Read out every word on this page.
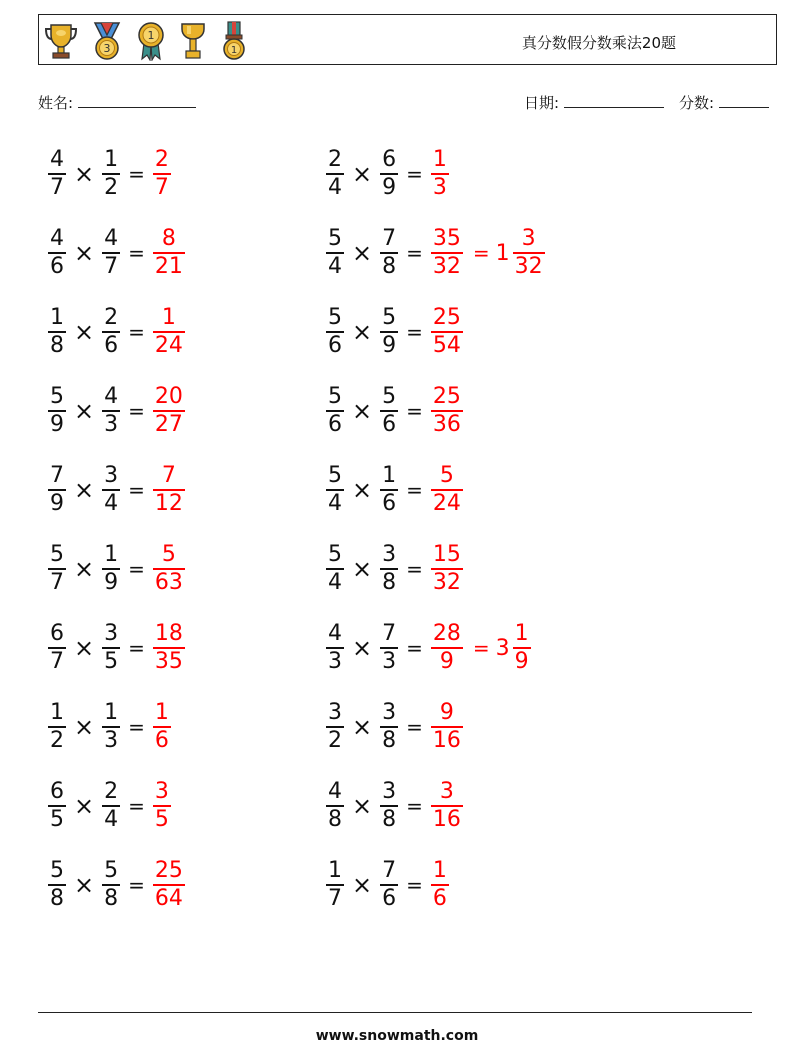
3
1
1	真分数假分数乘法20题
姓名:	日期:	分数:
$\frac{4}{7} \times \frac{1}{2} = \frac{2}{7}$
$\frac{4}{6} \times \frac{4}{7} = \frac{8}{21}$
$\frac{1}{8} \times \frac{2}{6} = \frac{1}{24}$
$\frac{5}{9} \times \frac{4}{3} = \frac{20}{27}$
$\frac{7}{9} \times \frac{3}{4} = \frac{7}{12}$
$\frac{5}{7} \times \frac{1}{9} = \frac{5}{63}$
$\frac{6}{7} \times \frac{3}{5} = \frac{18}{35}$
$\frac{1}{2} \times \frac{1}{3} = \frac{1}{6}$
$\frac{6}{5} \times \frac{2}{4} = \frac{3}{5}$
$\frac{5}{8} \times \frac{5}{8} = \frac{25}{64}$
$\frac{2}{4} \times \frac{6}{9} = \frac{1}{3}$
$\frac{5}{4} \times \frac{7}{8} = \frac{35}{32} = 1 \frac{3}{32}$
$\frac{5}{6} \times \frac{5}{9} = \frac{25}{54}$
$\frac{5}{6} \times \frac{5}{6} = \frac{25}{36}$
$\frac{5}{4} \times \frac{1}{6} = \frac{5}{24}$
$\frac{5}{4} \times \frac{3}{8} = \frac{15}{32}$
$\frac{4}{3} \times \frac{7}{3} = \frac{28}{9} = 3 \frac{1}{9}$
$\frac{3}{2} \times \frac{3}{8} = \frac{9}{16}$
$\frac{4}{8} \times \frac{3}{8} = \frac{3}{16}$
$\frac{1}{7} \times \frac{7}{6} = \frac{1}{6}$
www.snowmath.com
